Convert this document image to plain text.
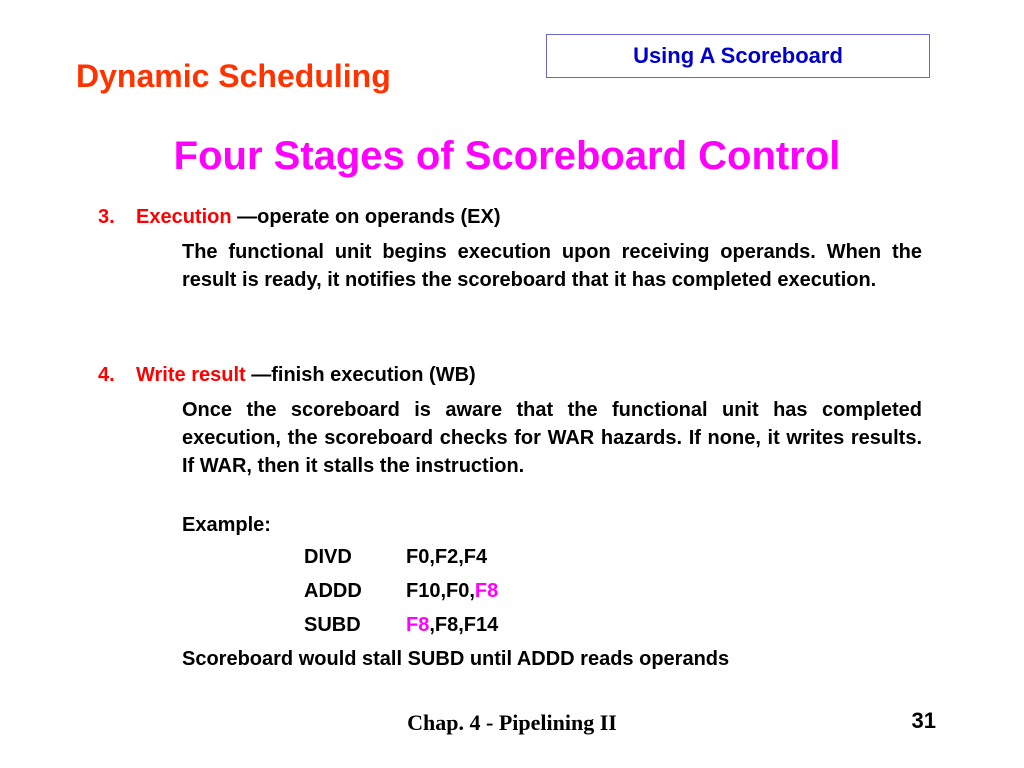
Dynamic Scheduling
Using A Scoreboard
Four Stages of Scoreboard Control
3. Execution —operate on operands (EX)
The functional unit begins execution upon receiving operands. When the result is ready, it notifies the scoreboard that it has completed execution.
4. Write result —finish execution (WB)
Once the scoreboard is aware that the functional unit has completed execution, the scoreboard checks for WAR hazards. If none, it writes results. If WAR, then it stalls the instruction.
Example:
DIVD	F0,F2,F4
ADDD F10,F0,F8
SUBD F8,F8,F14
Scoreboard would stall SUBD until ADDD reads operands
Chap. 4 - Pipelining II	31
